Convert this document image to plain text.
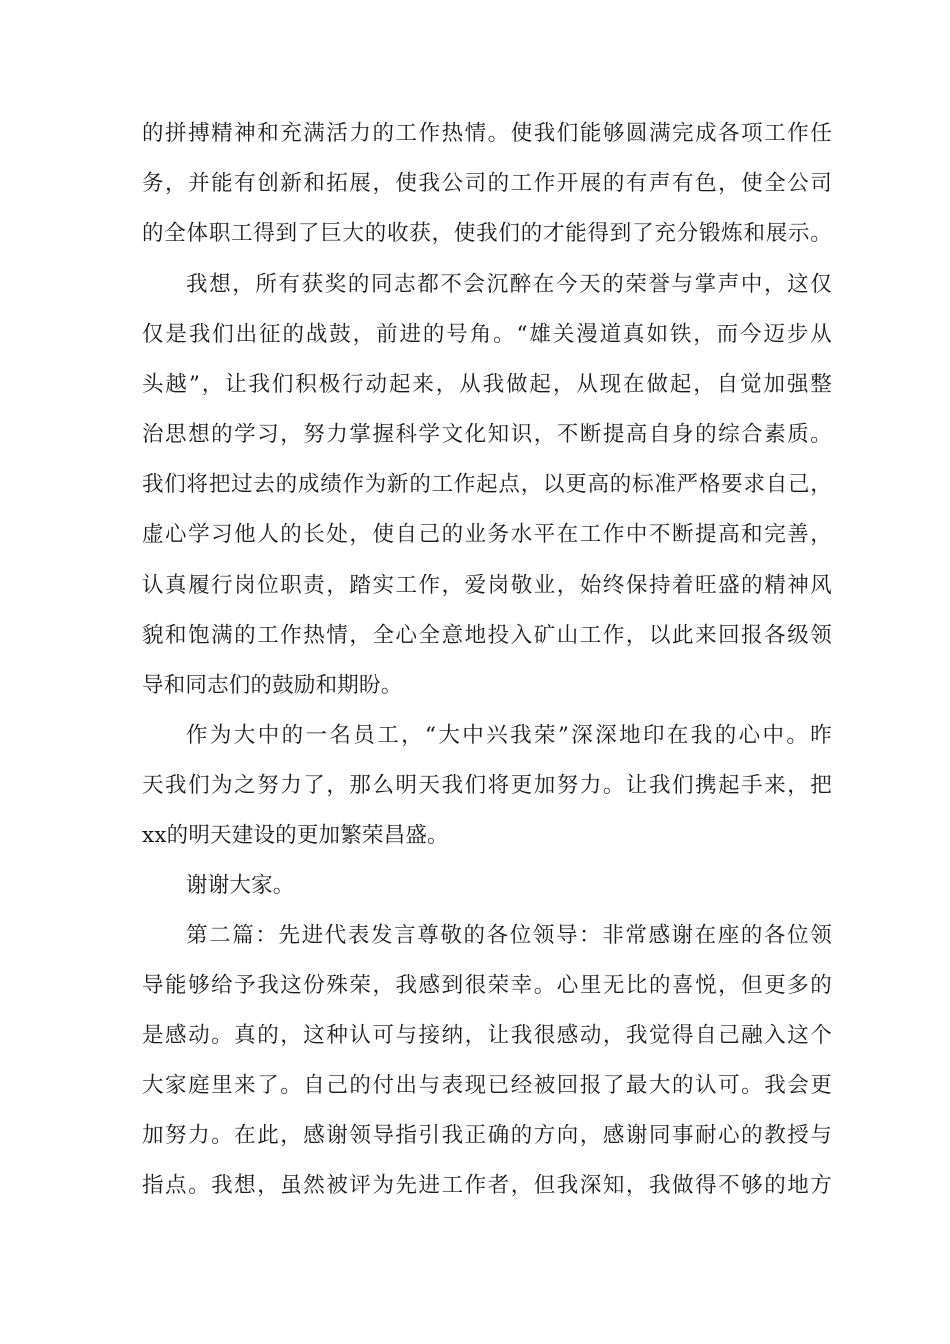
的拼搏精神和充满活力的工作热情。使我们能够圆满完成各项工作任
务，并能有创新和拓展，使我公司的工作开展的有声有色，使全公司
的全体职工得到了巨大的收获，使我们的才能得到了充分锻炼和展示。
我想，所有获奖的同志都不会沉醉在今天的荣誉与掌声中，这仅
仅是我们出征的战鼓，前进的号角。“雄关漫道真如铁，而今迈步从
头越”，让我们积极行动起来，从我做起，从现在做起，自觉加强整
治思想的学习，努力掌握科学文化知识，不断提高自身的综合素质。
我们将把过去的成绩作为新的工作起点，以更高的标准严格要求自己，
虚心学习他人的长处，使自己的业务水平在工作中不断提高和完善，
认真履行岗位职责，踏实工作，爱岗敬业，始终保持着旺盛的精神风
貌和饱满的工作热情，全心全意地投入矿山工作，以此来回报各级领
导和同志们的鼓励和期盼。
作为大中的一名员工，“大中兴我荣”深深地印在我的心中。昨
天我们为之努力了，那么明天我们将更加努力。让我们携起手来，把
xx的明天建设的更加繁荣昌盛。
谢谢大家。
第二篇：先进代表发言尊敬的各位领导：非常感谢在座的各位领
导能够给予我这份殊荣，我感到很荣幸。心里无比的喜悦，但更多的
是感动。真的，这种认可与接纳，让我很感动，我觉得自己融入这个
大家庭里来了。自己的付出与表现已经被回报了最大的认可。我会更
加努力。在此，感谢领导指引我正确的方向，感谢同事耐心的教授与
指点。我想，虽然被评为先进工作者，但我深知，我做得不够的地方
